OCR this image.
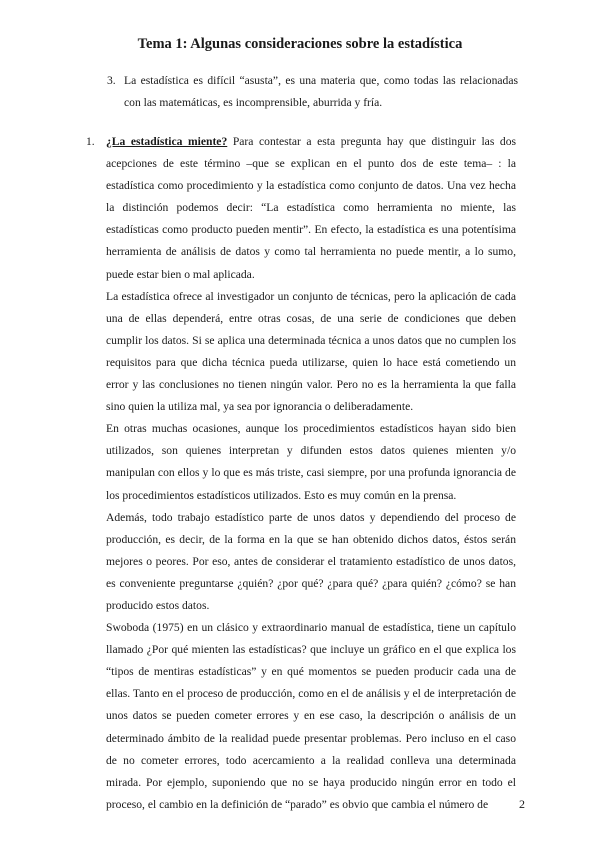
Tema 1: Algunas consideraciones sobre la estadística
3. La estadística es difícil “asusta”, es una materia que, como todas las relacionadas con las matemáticas, es incomprensible, aburrida y fría.
1. ¿La estadística miente? Para contestar a esta pregunta hay que distinguir las dos acepciones de este término –que se explican en el punto dos de este tema– : la estadística como procedimiento y la estadística como conjunto de datos. Una vez hecha la distinción podemos decir: “La estadística como herramienta no miente, las estadísticas como producto pueden mentir”. En efecto, la estadística es una potentísima herramienta de análisis de datos y como tal herramienta no puede mentir, a lo sumo, puede estar bien o mal aplicada.

La estadística ofrece al investigador un conjunto de técnicas, pero la aplicación de cada una de ellas dependerá, entre otras cosas, de una serie de condiciones que deben cumplir los datos. Si se aplica una determinada técnica a unos datos que no cumplen los requisitos para que dicha técnica pueda utilizarse, quien lo hace está cometiendo un error y las conclusiones no tienen ningún valor. Pero no es la herramienta la que falla sino quien la utiliza mal, ya sea por ignorancia o deliberadamente.

En otras muchas ocasiones, aunque los procedimientos estadísticos hayan sido bien utilizados, son quienes interpretan y difunden estos datos quienes mienten y/o manipulan con ellos y lo que es más triste, casi siempre, por una profunda ignorancia de los procedimientos estadísticos utilizados. Esto es muy común en la prensa.

Además, todo trabajo estadístico parte de unos datos y dependiendo del proceso de producción, es decir, de la forma en la que se han obtenido dichos datos, éstos serán mejores o peores. Por eso, antes de considerar el tratamiento estadístico de unos datos, es conveniente preguntarse ¿quién? ¿por qué? ¿para qué? ¿para quién? ¿cómo? se han producido estos datos.

Swoboda (1975) en un clásico y extraordinario manual de estadística, tiene un capítulo llamado ¿Por qué mienten las estadísticas? que incluye un gráfico en el que explica los “tipos de mentiras estadísticas” y en qué momentos se pueden producir cada una de ellas. Tanto en el proceso de producción, como en el de análisis y el de interpretación de unos datos se pueden cometer errores y en ese caso, la descripción o análisis de un determinado ámbito de la realidad puede presentar problemas. Pero incluso en el caso de no cometer errores, todo acercamiento a la realidad conlleva una determinada mirada. Por ejemplo, suponiendo que no se haya producido ningún error en todo el proceso, el cambio en la definición de “parado” es obvio que cambia el número de	2
